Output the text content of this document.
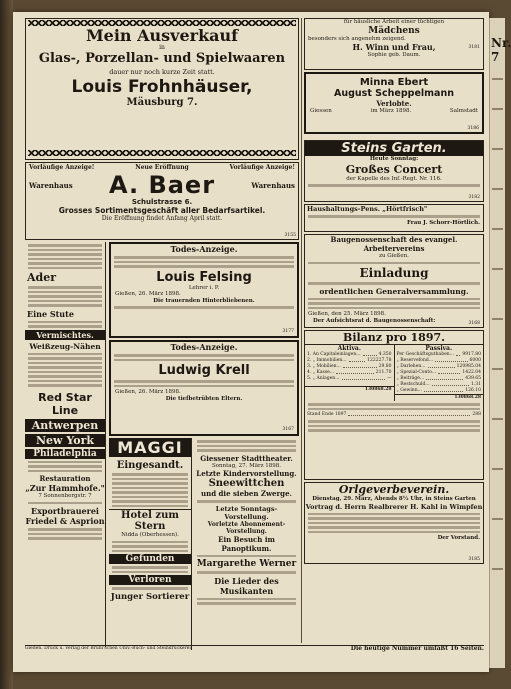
Nr. 7
Mein Ausverkauf
in
Glas-, Porzellan- und Spielwaaren
dauer nur noch kurze Zeit statt.
Louis Frohnhäuser,
Mäusburg 7.
Vorläufige Anzeige!	Neue Eröffnung	Vorläufige Anzeige!
Warenhaus A. Baer	Warenhaus
Schulstrasse 6.
Grosses Sortimentsgeschäft aller Bedarfsartikel.
Die Eröffnung findet Anfang April statt.
3155
Ader
Eine Stute
Vermischtes.
Weißzeug-Nähen
Red Star Line
Antwerpen
New York
Philadelphia
Restauration
„Zur Hammhofe."
7 Sonnenbergstr. 7
Exportbrauerei
Friedel & Asprion
Todes-Anzeige.
Louis Felsing
Lehrer i. P.
Gießen, 26. März 1898.
Die trauernden Hinterbliebenen.
3177
Todes-Anzeige.
Ludwig Krell
Gießen, 26. März 1898.
Die tiefbetrübten Eltern.
3167
MAGGI
Eingesandt.
Hotel zum Stern
Nidda (Oberhessen).
Gefunden
Verloren
Junger Sortierer
Giessener Stadttheater.
Sonntag, 27. März 1898.
Letzte Kindervorstellung.
Sneewittchen
und die sieben Zwerge.
Letzte Sonntags-Vorstellung.
Vorletzte Abonnement-Vorstellung.
Ein Besuch im Panoptikum.
Margarethe Werner
Die Lieder des Musikanten
für häusliche Arbeit einer tüchtigen
Mädchens
besonders sich angenehm zeigend.
3181
H. Winn und Frau,
Sophie geb. Daum.
Minna Ebert
August Scheppelmann
Verlobte.
Giessen	im März 1898.	Salmstadt
3186
Steins Garten.
Heute Sonntag:
Großes Concert
der Kapelle des Inf.-Regt. Nr. 116.
3182
Haushaltungs-Pens. „Hörtfrisch"
Frau J. Schorr-Hörtlich.
Baugenossenschaft des evangel. Arbeitervereins
zu Gießen.
Einladung
ordentlichen Generalversammlung.
Gießen, den 25. März 1898.
Der Aufsichtsrat d. Baugenossenschaft:	3168
Bilanz pro 1897.
Aktiva.
1. An Capitaleinlagen...	4.350
2. „ Immobilien...	122227.78
3. „ Mobilien...	29.80
4. „ Kasse...	211.70
5. „ Anlagen...	—
130868.28
Passiva.
Per Geschäftsguthaben... 9917.80
„ Reservefond...	6000
„ Darlehen...	120985.04
„ Spezial-Conto...	1422.04
„ Beiträge...	439.65
„ Restschuld...	1.31
„ Gewinn...	126.10
130868.28
Stand Ende 1897	288
Orlgeverbeverein.
Dienstag, 29. März, Abends 8½ Uhr, in Steins Garten
Vortrag d. Herrn Realbrerer H. Kahl in Wimpfen
Der Vorstand.
3185
Gießen. Druck u. Verlag der Brühl'schen Univ.-Buch- und Steindruckerei.	Die heutige Nummer umfaßt 16 Seiten.
